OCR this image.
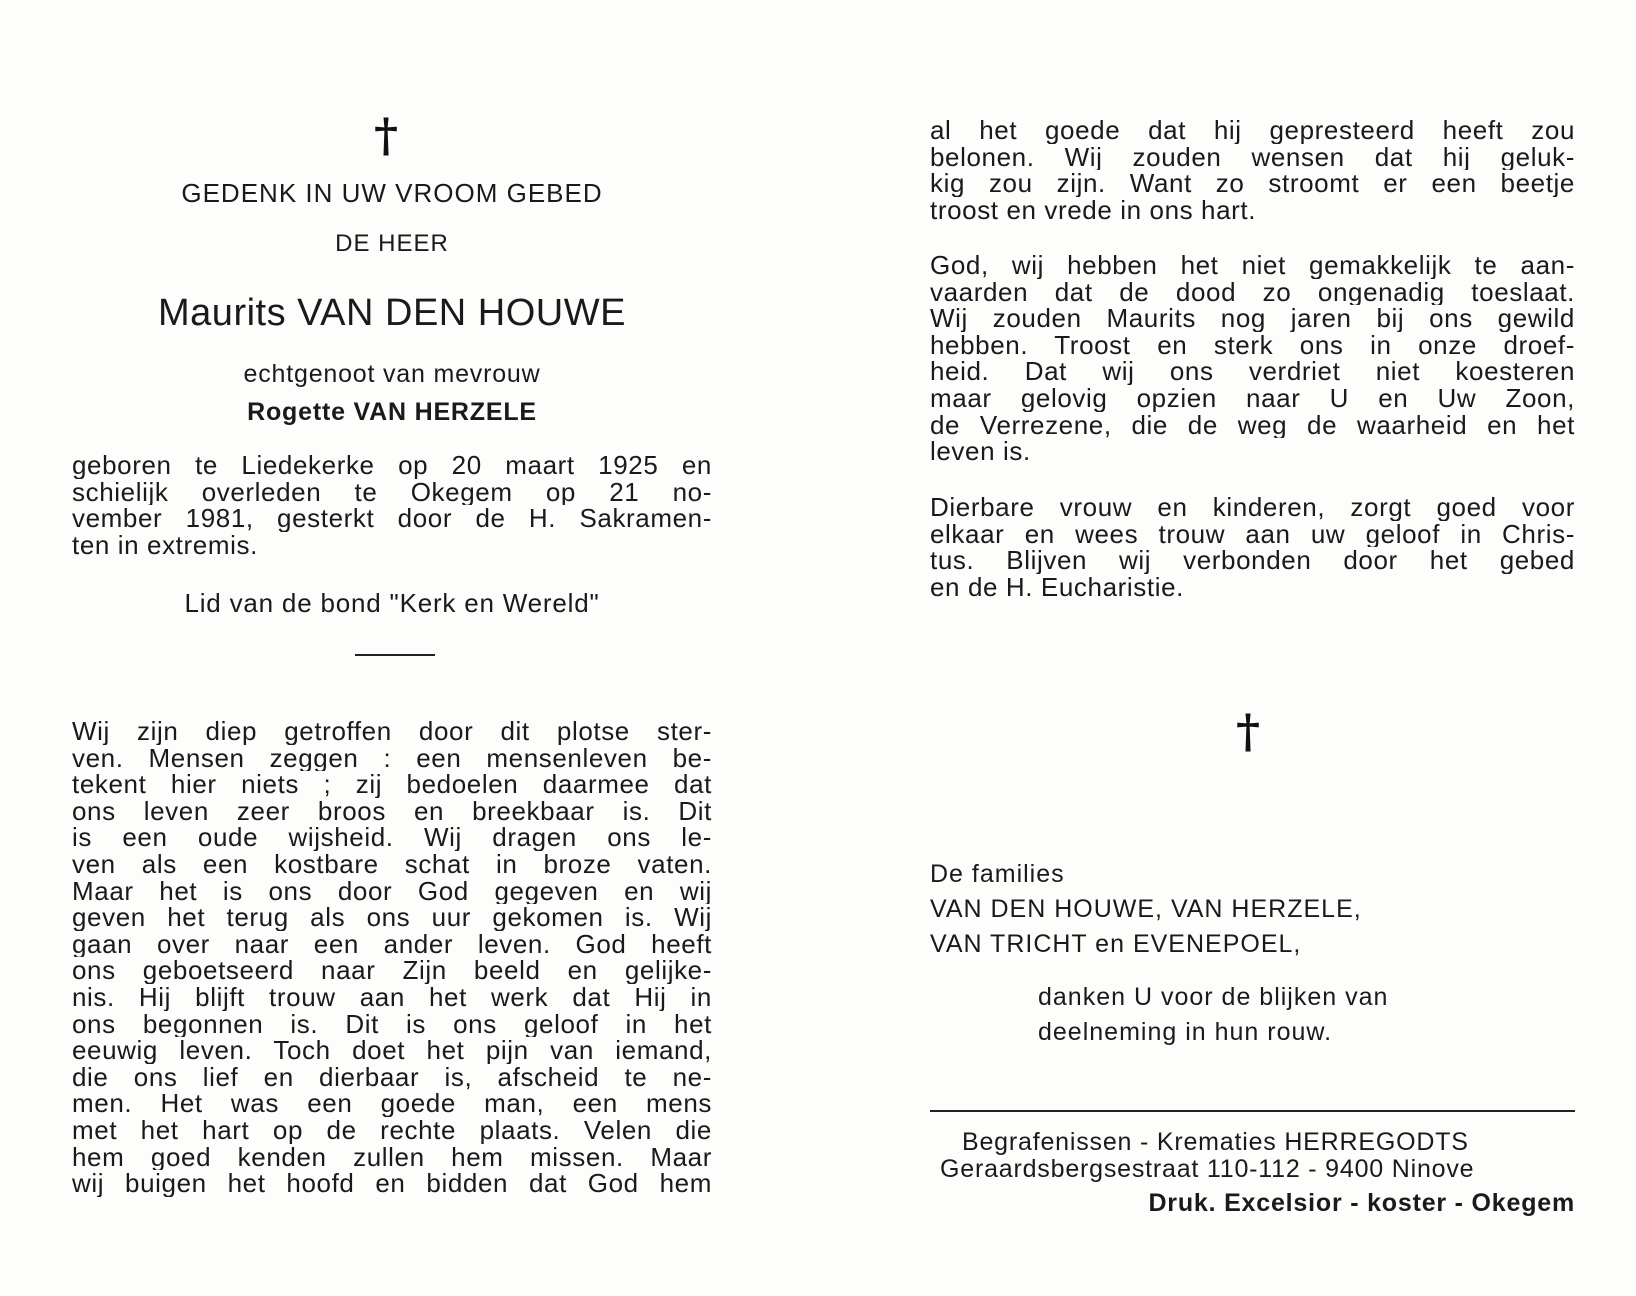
†
GEDENK IN UW VROOM GEBED
DE HEER
Maurits VAN DEN HOUWE
echtgenoot van mevrouw
Rogette VAN HERZELE
geboren te Liedekerke op 20 maart 1925 en
schielijk overleden te Okegem op 21 no-
vember 1981, gesterkt door de H. Sakramen-
ten in extremis.
Lid van de bond "Kerk en Wereld"
Wij zijn diep getroffen door dit plotse ster-
ven. Mensen zeggen : een mensenleven be-
tekent hier niets ; zij bedoelen daarmee dat
ons leven zeer broos en breekbaar is. Dit
is een oude wijsheid. Wij dragen ons le-
ven als een kostbare schat in broze vaten.
Maar het is ons door God gegeven en wij
geven het terug als ons uur gekomen is. Wij
gaan over naar een ander leven. God heeft
ons geboetseerd naar Zijn beeld en gelijke-
nis. Hij blijft trouw aan het werk dat Hij in
ons begonnen is. Dit is ons geloof in het
eeuwig leven. Toch doet het pijn van iemand,
die ons lief en dierbaar is, afscheid te ne-
men. Het was een goede man, een mens
met het hart op de rechte plaats. Velen die
hem goed kenden zullen hem missen. Maar
wij buigen het hoofd en bidden dat God hem
al het goede dat hij gepresteerd heeft zou
belonen. Wij zouden wensen dat hij geluk-
kig zou zijn. Want zo stroomt er een beetje
troost en vrede in ons hart.
God, wij hebben het niet gemakkelijk te aan-
vaarden dat de dood zo ongenadig toeslaat.
Wij zouden Maurits nog jaren bij ons gewild
hebben. Troost en sterk ons in onze droef-
heid. Dat wij ons verdriet niet koesteren
maar gelovig opzien naar U en Uw Zoon,
de Verrezene, die de weg de waarheid en het
leven is.
Dierbare vrouw en kinderen, zorgt goed voor
elkaar en wees trouw aan uw geloof in Chris-
tus. Blijven wij verbonden door het gebed
en de H. Eucharistie.
†
De families
VAN DEN HOUWE, VAN HERZELE,
VAN TRICHT en EVENEPOEL,
danken U voor de blijken van
deelneming in hun rouw.
Begrafenissen - Krematies HERREGODTS
Geraardsbergsestraat 110-112 - 9400 Ninove
Druk. Excelsior - koster - Okegem
